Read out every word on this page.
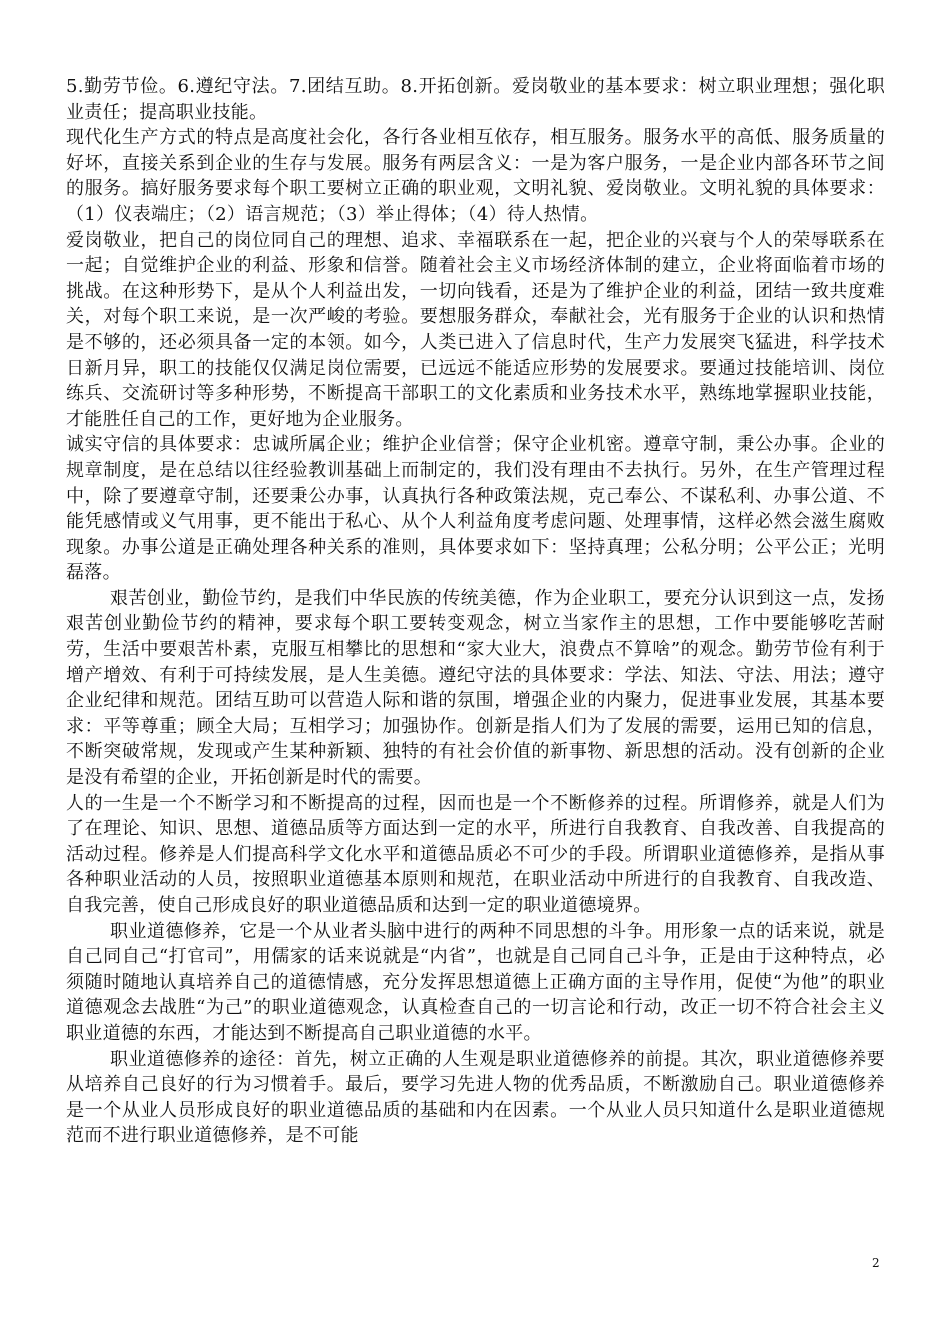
5.勤劳节俭。6.遵纪守法。7.团结互助。8.开拓创新。爱岗敬业的基本要求：树立职业理想；强化职业责任；提高职业技能。

现代化生产方式的特点是高度社会化，各行各业相互依存，相互服务。服务水平的高低、服务质量的好坏，直接关系到企业的生存与发展。服务有两层含义：一是为客户服务，一是企业内部各环节之间的服务。搞好服务要求每个职工要树立正确的职业观，文明礼貌、爱岗敬业。文明礼貌的具体要求：（1）仪表端庄；（2）语言规范；（3）举止得体；（4）待人热情。

爱岗敬业，把自己的岗位同自己的理想、追求、幸福联系在一起，把企业的兴衰与个人的荣辱联系在一起；自觉维护企业的利益、形象和信誉。随着社会主义市场经济体制的建立，企业将面临着市场的挑战。在这种形势下，是从个人利益出发，一切向钱看，还是为了维护企业的利益，团结一致共度难关，对每个职工来说，是一次严峻的考验。要想服务群众，奉献社会，光有服务于企业的认识和热情是不够的，还必须具备一定的本领。如今，人类已进入了信息时代，生产力发展突飞猛进，科学技术日新月异，职工的技能仅仅满足岗位需要，已远远不能适应形势的发展要求。要通过技能培训、岗位练兵、交流研讨等多种形势，不断提高干部职工的文化素质和业务技术水平，熟练地掌握职业技能，才能胜任自己的工作，更好地为企业服务。

诚实守信的具体要求：忠诚所属企业；维护企业信誉；保守企业机密。遵章守制，秉公办事。企业的规章制度，是在总结以往经验教训基础上而制定的，我们没有理由不去执行。另外，在生产管理过程中，除了要遵章守制，还要秉公办事，认真执行各种政策法规，克己奉公、不谋私利、办事公道、不能凭感情或义气用事，更不能出于私心、从个人利益角度考虑问题、处理事情，这样必然会滋生腐败现象。办事公道是正确处理各种关系的准则，具体要求如下：坚持真理；公私分明；公平公正；光明磊落。

艰苦创业，勤俭节约，是我们中华民族的传统美德，作为企业职工，要充分认识到这一点，发扬艰苦创业勤俭节约的精神，要求每个职工要转变观念，树立当家作主的思想，工作中要能够吃苦耐劳，生活中要艰苦朴素，克服互相攀比的思想和“家大业大，浪费点不算啥”的观念。勤劳节俭有利于增产增效、有利于可持续发展，是人生美德。遵纪守法的具体要求：学法、知法、守法、用法；遵守企业纪律和规范。团结互助可以营造人际和谐的氛围，增强企业的内聚力，促进事业发展，其基本要求：平等尊重；顾全大局；互相学习；加强协作。创新是指人们为了发展的需要，运用已知的信息，不断突破常规，发现或产生某种新颖、独特的有社会价值的新事物、新思想的活动。没有创新的企业是没有希望的企业，开拓创新是时代的需要。

人的一生是一个不断学习和不断提高的过程，因而也是一个不断修养的过程。所谓修养，就是人们为了在理论、知识、思想、道德品质等方面达到一定的水平，所进行自我教育、自我改善、自我提高的活动过程。修养是人们提高科学文化水平和道德品质必不可少的手段。所谓职业道德修养，是指从事各种职业活动的人员，按照职业道德基本原则和规范，在职业活动中所进行的自我教育、自我改造、自我完善，使自己形成良好的职业道德品质和达到一定的职业道德境界。

职业道德修养，它是一个从业者头脑中进行的两种不同思想的斗争。用形象一点的话来说，就是自己同自己“打官司”，用儒家的话来说就是“内省”，也就是自己同自己斗争，正是由于这种特点，必须随时随地认真培养自己的道德情感，充分发挥思想道德上正确方面的主导作用，促使“为他”的职业道德观念去战胜“为己”的职业道德观念，认真检查自己的一切言论和行动，改正一切不符合社会主义职业道德的东西，才能达到不断提高自己职业道德的水平。

职业道德修养的途径：首先，树立正确的人生观是职业道德修养的前提。其次，职业道德修养要从培养自己良好的行为习惯着手。最后，要学习先进人物的优秀品质，不断激励自己。职业道德修养是一个从业人员形成良好的职业道德品质的基础和内在因素。一个从业人员只知道什么是职业道德规范而不进行职业道德修养，是不可能

2
